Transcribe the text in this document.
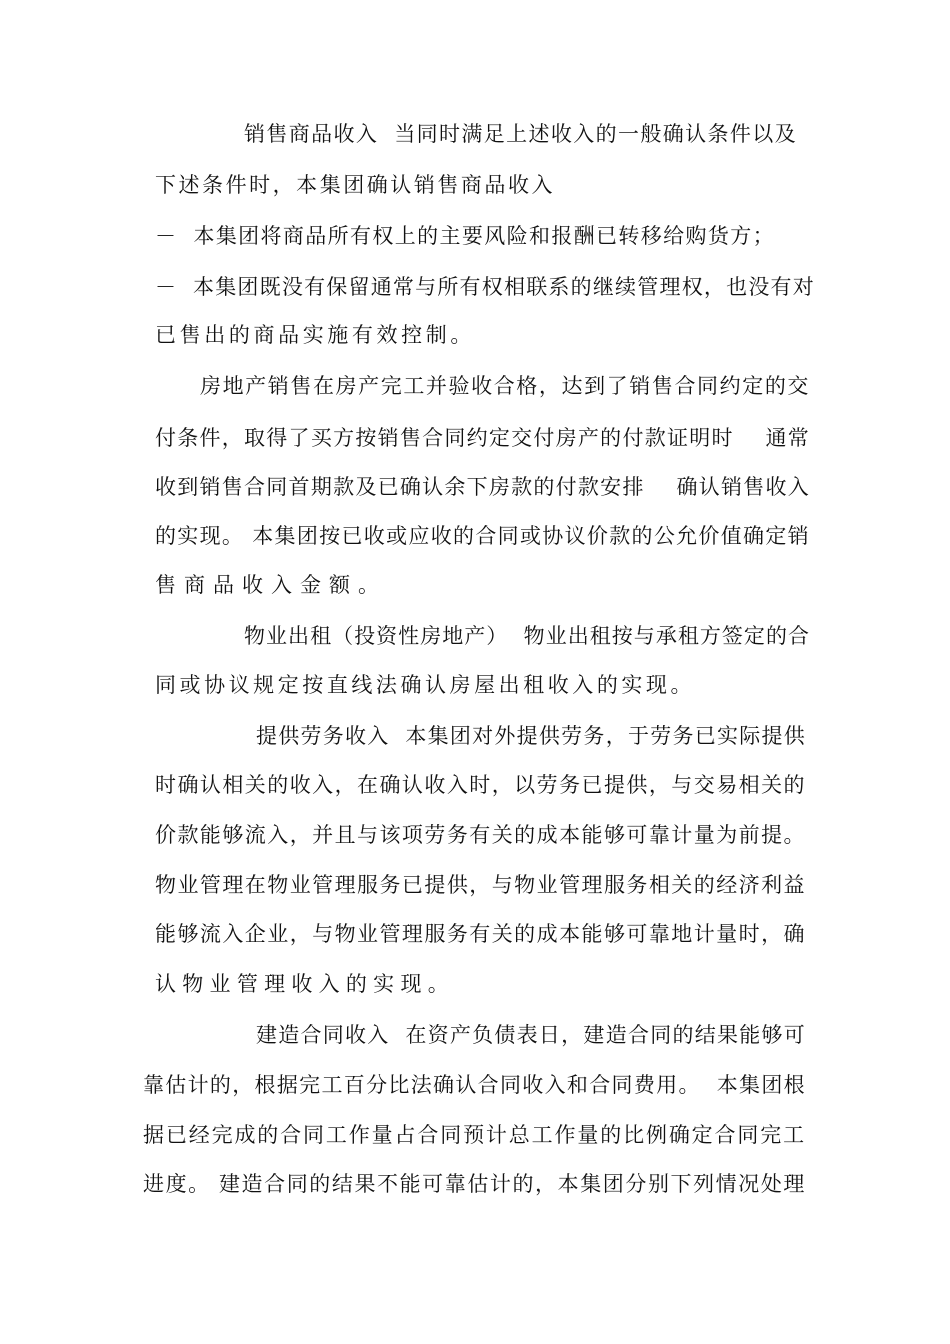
销售商品收入  当同时满足上述收入的一般确认条件以及
下述条件时，本集团确认销售商品收入
－  本集团将商品所有权上的主要风险和报酬已转移给购货方；
－  本集团既没有保留通常与所有权相联系的继续管理权，也没有对
已售出的商品实施有效控制。
房地产销售在房产完工并验收合格，达到了销售合同约定的交
付条件，取得了买方按销售合同约定交付房产的付款证明时    通常
收到销售合同首期款及已确认余下房款的付款安排    确认销售收入
的实现。 本集团按已收或应收的合同或协议价款的公允价值确定销
售商品收入金额。
物业出租（投资性房地产）  物业出租按与承租方签定的合
同或协议规定按直线法确认房屋出租收入的实现。
提供劳务收入  本集团对外提供劳务，于劳务已实际提供
时确认相关的收入，在确认收入时，以劳务已提供，与交易相关的
价款能够流入，并且与该项劳务有关的成本能够可靠计量为前提。
物业管理在物业管理服务已提供，与物业管理服务相关的经济利益
能够流入企业，与物业管理服务有关的成本能够可靠地计量时，确
认物业管理收入的实现。
建造合同收入  在资产负债表日，建造合同的结果能够可
靠估计的，根据完工百分比法确认合同收入和合同费用。  本集团根
据已经完成的合同工作量占合同预计总工作量的比例确定合同完工
进度。 建造合同的结果不能可靠估计的，本集团分别下列情况处理
